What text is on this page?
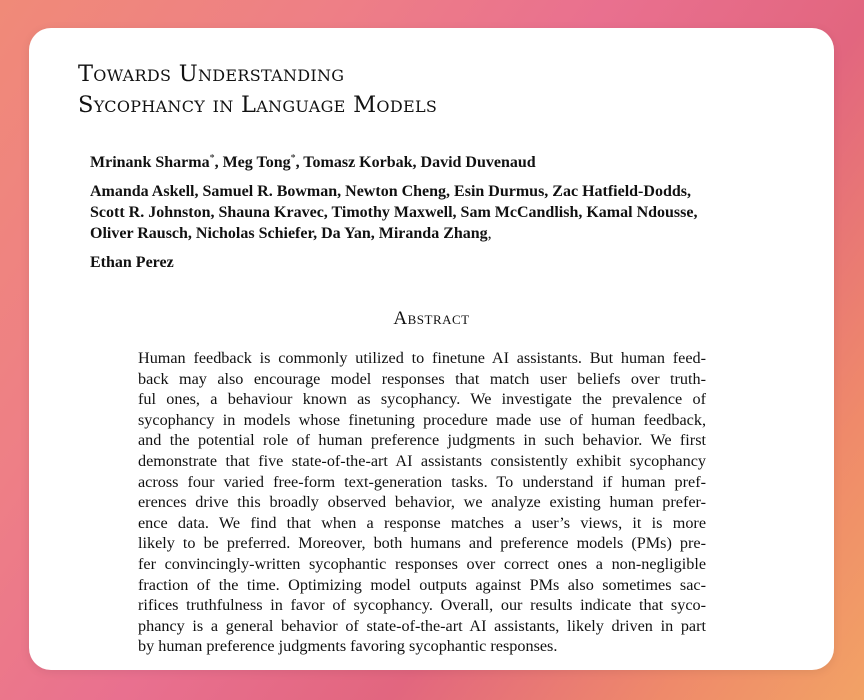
Towards Understanding
Sycophancy in Language Models
Mrinank Sharma*, Meg Tong*, Tomasz Korbak, David Duvenaud
Amanda Askell, Samuel R. Bowman, Newton Cheng, Esin Durmus, Zac Hatfield-Dodds,
Scott R. Johnston, Shauna Kravec, Timothy Maxwell, Sam McCandlish, Kamal Ndousse,
Oliver Rausch, Nicholas Schiefer, Da Yan, Miranda Zhang,
Ethan Perez
Abstract
Human feedback is commonly utilized to finetune AI assistants. But human feed-
back may also encourage model responses that match user beliefs over truth-
ful ones, a behaviour known as sycophancy. We investigate the prevalence of
sycophancy in models whose finetuning procedure made use of human feedback,
and the potential role of human preference judgments in such behavior. We first
demonstrate that five state-of-the-art AI assistants consistently exhibit sycophancy
across four varied free-form text-generation tasks. To understand if human pref-
erences drive this broadly observed behavior, we analyze existing human prefer-
ence data. We find that when a response matches a user’s views, it is more
likely to be preferred. Moreover, both humans and preference models (PMs) pre-
fer convincingly-written sycophantic responses over correct ones a non-negligible
fraction of the time. Optimizing model outputs against PMs also sometimes sac-
rifices truthfulness in favor of sycophancy. Overall, our results indicate that syco-
phancy is a general behavior of state-of-the-art AI assistants, likely driven in part
by human preference judgments favoring sycophantic responses.
